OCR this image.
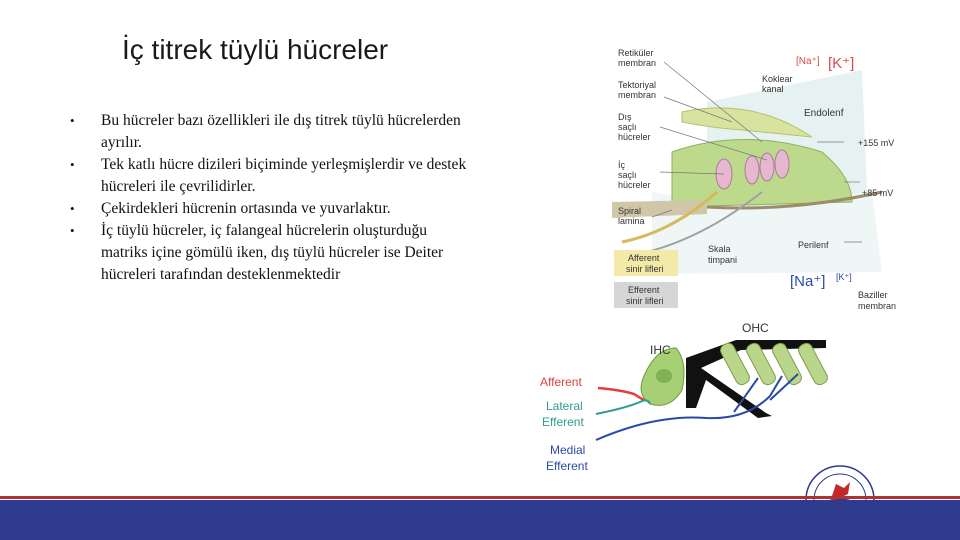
İç titrek tüylü hücreler
• Bu hücreler bazı özellikleri ile dış titrek tüylü hücrelerden ayrılır.
• Tek katlı hücre dizileri biçiminde yerleşmişlerdir ve destek hücreleri ile çevrilidirler.
• Çekirdekleri hücrenin ortasında ve yuvarlaktır.
• İç tüylü hücreler, iç falangeal hücrelerin oluşturduğu matriks içine gömülü iken, dış tüylü hücreler ise Deiter hücreleri tarafından desteklenmektedir
Retiküler
membran
Tektoriyal
membran
Dış
saçlı
hücreler
İç
saçlı
hücreler
Spiral
lamina
Afferent
sinir lifleri
Efferent
sinir lifleri
Koklear
kanal
[Na⁺] [K⁺]
Endolenf
+155 mV
+85 mV
Perilenf
Skala
timpani
[Na⁺] [K⁺]
Baziller
membran
OHC
IHC
Afferent
Lateral
Efferent
Medial
Efferent
